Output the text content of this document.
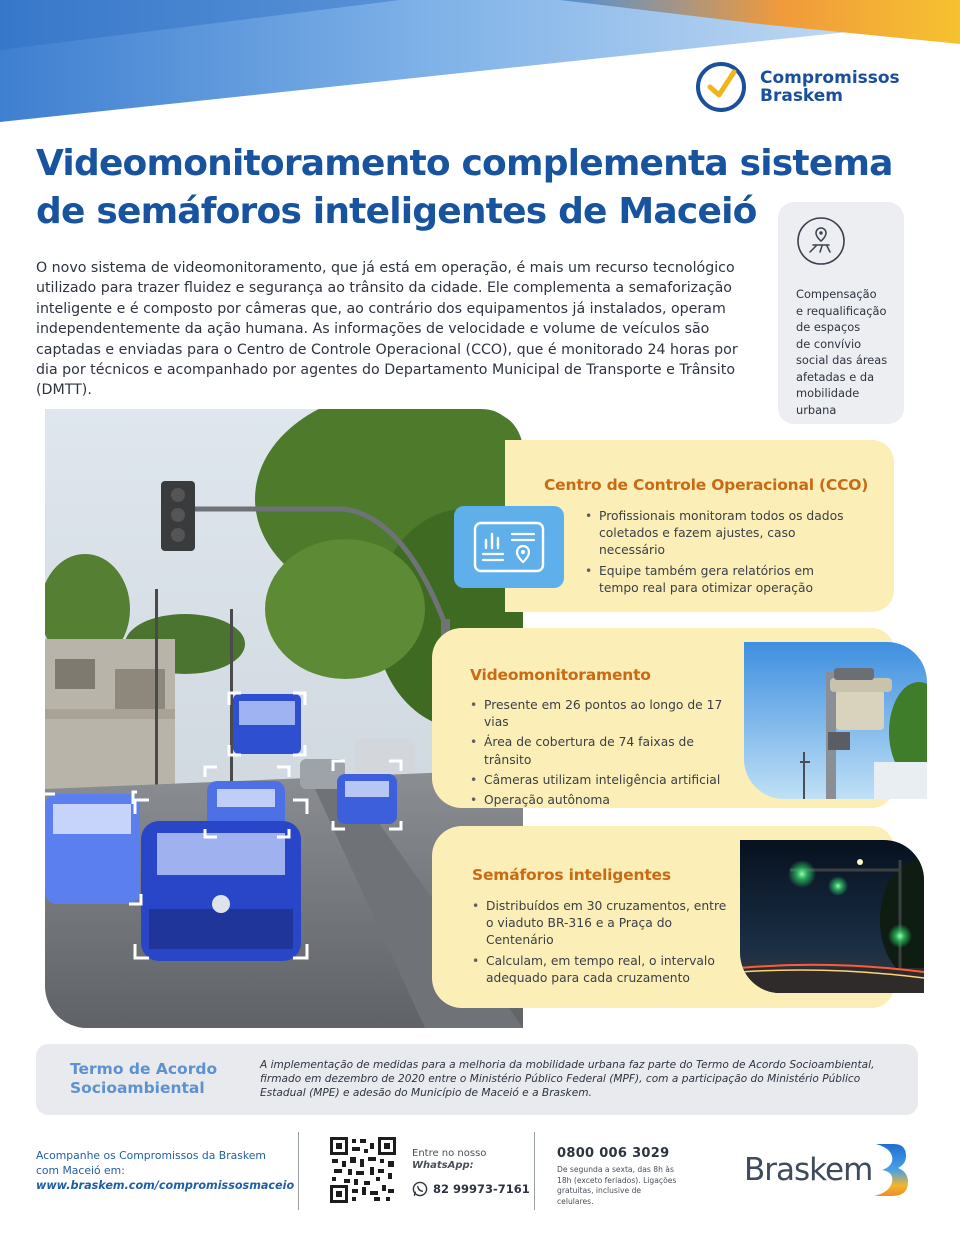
Compromissos
Braskem
Videomonitoramento complementa sistema
de semáforos inteligentes de Maceió

O novo sistema de videomonitoramento, que já está em operação, é mais um recurso tecnológico utilizado para trazer fluidez e segurança ao trânsito da cidade. Ele complementa a semaforização inteligente e é composto por câmeras que, ao contrário dos equipamentos já instalados, operam independentemente da ação humana. As informações de velocidade e volume de veículos são captadas e enviadas para o Centro de Controle Operacional (CCO), que é monitorado 24 horas por dia por técnicos e acompanhado por agentes do Departamento Municipal de Transporte e Trânsito (DMTT).

Compensação
e requalificação
de espaços
de convívio
social das áreas
afetadas e da
mobilidade
urbana
Centro de Controle Operacional (CCO)
• Profissionais monitoram todos os dados coletados e fazem ajustes, caso necessário
• Equipe também gera relatórios em tempo real para otimizar operação
Videomonitoramento
• Presente em 26 pontos ao longo de 17 vias
• Área de cobertura de 74 faixas de trânsito
• Câmeras utilizam inteligência artificial
• Operação autônoma
Semáforos inteligentes
• Distribuídos em 30 cruzamentos, entre o viaduto BR-316 e a Praça do Centenário
• Calculam, em tempo real, o intervalo adequado para cada cruzamento
Termo de Acordo
Socioambiental

A implementação de medidas para a melhoria da mobilidade urbana faz parte do Termo de Acordo Socioambiental, firmado em dezembro de 2020 entre o Ministério Público Federal (MPF), com a participação do Ministério Público Estadual (MPE) e adesão do Município de Maceió e a Braskem.

Acompanhe os Compromissos da Braskem
com Maceió em:
www.braskem.com/compromissosmaceio
Entre no nosso
WhatsApp:
82 99973-7161
0800 006 3029
De segunda a sexta, das 8h às 18h (exceto feriados). Ligações gratuitas, inclusive de celulares.
Braskem
